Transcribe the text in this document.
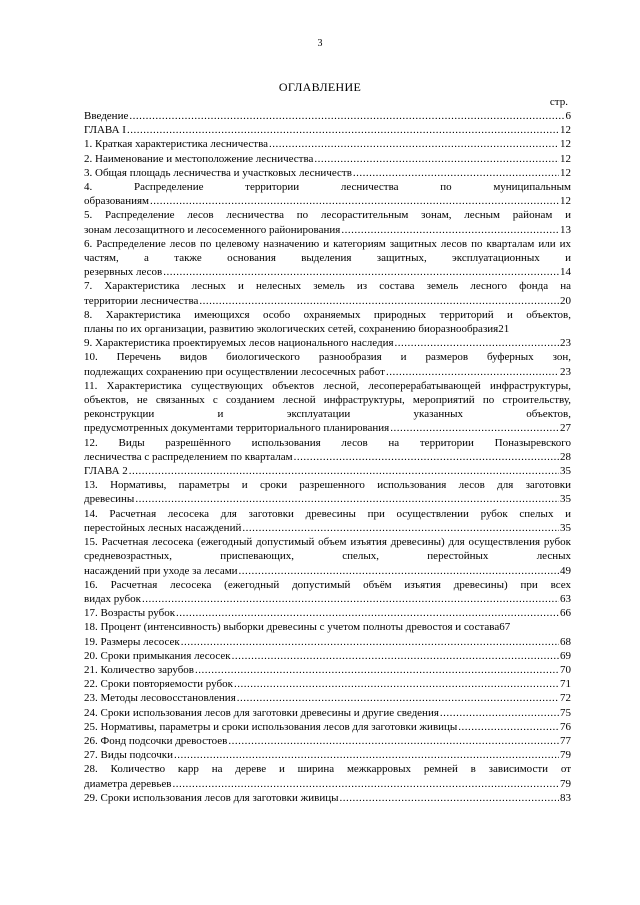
3
ОГЛАВЛЕНИЕ
стр.
Введение .....	6
ГЛАВА I .....	12
1. Краткая характеристика лесничества .....	12
2. Наименование и местоположение лесничества .....	12
3. Общая площадь лесничества и участковых лесничеств .....	12
4.	Распределение	территории	лесничества	по	муниципальным
образованиям .....	12
5. Распределение лесов лесничества по лесорастительным зонам, лесным районам и
зонам лесозащитного и лесосеменного районирования .....	13
6. Распределение лесов по целевому назначению и категориям защитных лесов по кварталам или их частям, а также основания выделения защитных, эксплуатационных и
резервных лесов .....	14
7. Характеристика лесных и нелесных земель из состава земель лесного фонда на
территории лесничества .....	20
8. Характеристика имеющихся особо охраняемых природных территорий и объектов,
планы по их организации, развитию экологических сетей, сохранению биоразнообразия 21
9. Характеристика проектируемых лесов национального наследия .....	23
10. Перечень видов биологического разнообразия и размеров буферных зон,
подлежащих сохранению при осуществлении лесосечных работ .....	23
11. Характеристика существующих объектов лесной, лесоперерабатывающей инфраструктуры, объектов, не связанных с созданием лесной инфраструктуры, мероприятий по строительству, реконструкции и эксплуатации указанных объектов,
предусмотренных документами территориального планирования .....	27
12. Виды разрешённого использования лесов на территории Поназыревского
лесничества с распределением по кварталам .....	28
ГЛАВА 2 .....	35
13. Нормативы, параметры и сроки разрешенного использования лесов для заготовки
древесины .....	35
14. Расчетная лесосека для заготовки древесины при осуществлении рубок спелых и
перестойных лесных насаждений .....	35
15. Расчетная лесосека (ежегодный допустимый объем изъятия древесины) для осуществления рубок средневозрастных, приспевающих, спелых, перестойных лесных
насаждений при уходе за лесами .....	49
16. Расчетная лесосека (ежегодный допустимый объём изъятия древесины) при всех
видах рубок .....	63
17. Возрасты рубок .....	66
18. Процент (интенсивность) выборки древесины с учетом полноты древостоя и состава 67
19. Размеры лесосек .....	68
20. Сроки примыкания лесосек .....	69
21. Количество зарубов .....	70
22. Сроки повторяемости рубок .....	71
23. Методы лесовосстановления .....	72
24. Сроки использования лесов для заготовки древесины и другие сведения .....	75
25. Нормативы, параметры и сроки использования лесов для заготовки живицы .....	76
26. Фонд подсочки древостоев .....	77
27. Виды подсочки .....	79
28. Количество карр на дереве и ширина межкарровых ремней в зависимости от
диаметра деревьев .....	79
29. Сроки использования лесов для заготовки живицы .....	83
